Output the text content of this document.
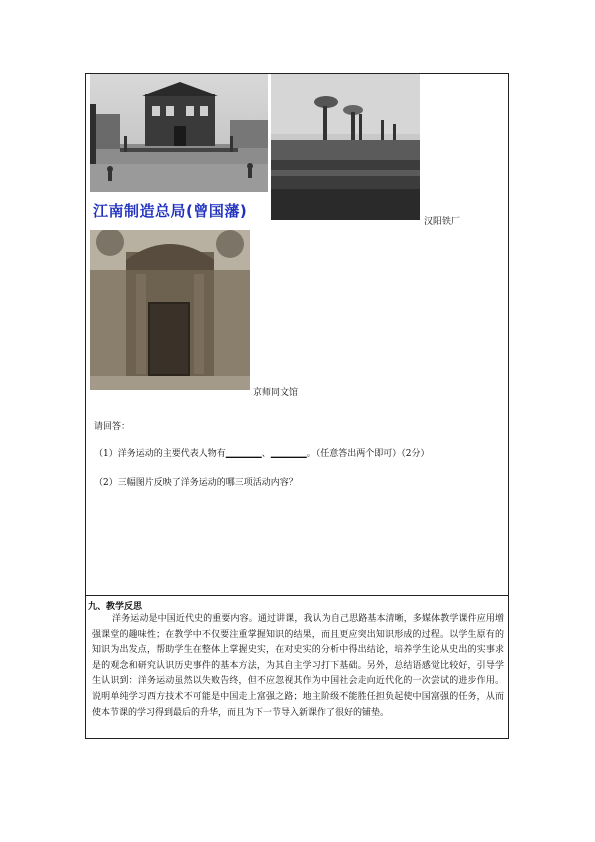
江南制造总局(曾国藩)
汉阳铁厂
京师同文馆
请回答：
（1）洋务运动的主要代表人物有＿＿＿＿、＿＿＿＿。（任意答出两个即可）（2分）
（2）三幅图片反映了洋务运动的哪三项活动内容？
九、教学反思

洋务运动是中国近代史的重要内容。通过讲课，我认为自己思路基本清晰，多媒体教学课件应用增强课堂的趣味性；在教学中不仅要注重掌握知识的结果，而且更应突出知识形成的过程。以学生原有的知识为出发点，帮助学生在整体上掌握史实，在对史实的分析中得出结论，培养学生论从史出的实事求是的观念和研究认识历史事件的基本方法，为其自主学习打下基础。另外，总结语感觉比较好，引导学生认识到：洋务运动虽然以失败告终，但不应忽视其作为中国社会走向近代化的一次尝试的进步作用。说明单纯学习西方技术不可能是中国走上富强之路；地主阶级不能胜任担负起使中国富强的任务，从而使本节课的学习得到最后的升华，而且为下一节导入新课作了很好的铺垫。
